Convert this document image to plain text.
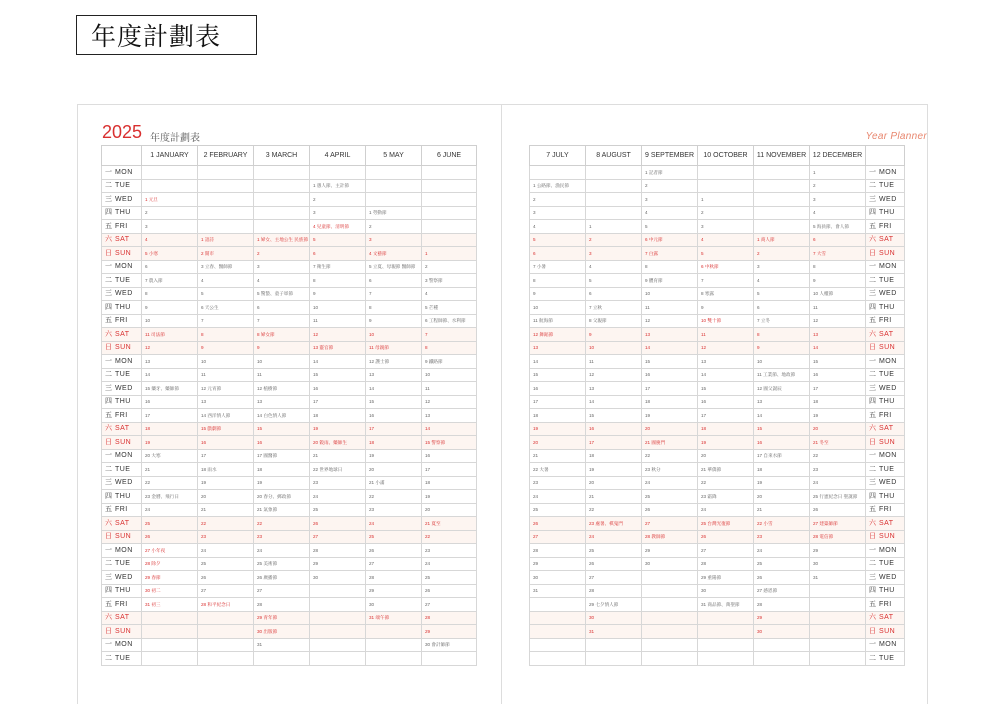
年度計劃表
2025 年度計劃表
	1 JANUARY	2 FEBRUARY	3 MARCH	4 APRIL	5 MAY	6 JUNE
一 MON						
二 TUE				1 愚人節、主計節		
三 WED	1 元旦			2		
四 THU	2			3	1 勞動節	
五 FRI	3			4 兒童節、清明節	2	
六 SAT	4	1 語詩	1 婦女、主地公生 民族節	5	3	
日 SUN	5 小寒	2 開市	2	6	4 文藝節	1
一 MON	6	3 立春、醫師節	3	7 衛生節	5 立夏、母親節 醫師節	2
二 TUE	7 農入節	4	4	8	6	3 警察節
三 WED	8	5	5 驚蟄、童子軍節	9	7	4
四 THU	9	6 天公生	6	10	8	5 芒種
五 FRI	10	7	7	11	9	6 工程師節、水利節
六 SAT	11 司法節	8	8 婦女節	12	10	7
日 SUN	12	9	9	13 靈官節	11 母親節	8
一 MON	13	10	10	14	12 護士節	9 鐵路節
二 TUE	14	11	11	15	13	10
三 WED	15 藥牙、藥師節	12 元宵節	12 植樹節	16	14	11
四 THU	16	13	13	17	15	12
五 FRI	17	14 西洋情人節	14 白色情人節	18	16	13
六 SAT	18	15 戲劇節	15	19	17	14
日 SUN	19	16	16	20 穀雨、藥師生	18	15 警察節
一 MON	20 大寒	17	17 國醫節	21	19	16
二 TUE	21	18 雨水	18	22 世界地球日	20	17
三 WED	22	19	19	23	21 小滿	18
四 THU	23 金曆、飛行日	20	20 春分、郵政節	24	22	19
五 FRI	24	21	21 氣象節	25	23	20
六 SAT	25	22	22	26	24	21 夏至
日 SUN	26	23	23	27	25	22
一 MON	27 小年夜	24	24	28	26	23
二 TUE	28 除夕	25	25 美術節	29	27	24
三 WED	29 春節	26	26 廣播節	30	28	25
四 THU	30 初二	27	27		29	26
五 FRI	31 初三	28 和平紀念日	28		30	27
六 SAT			29 青年節		31 端午節	28
日 SUN			30 出版節			29
一 MON			31			30 會計師節
二 TUE						
Year Planner
7 JULY	8 AUGUST	9 SEPTEMBER	10 OCTOBER	11 NOVEMBER	12 DECEMBER	
		1 記者節			1	一 MON
1 公路節、漁民節		2			2	二 TUE
2		3	1		3	三 WED
3		4	2		4	四 THU
4	1	5	3		5 海員節、會人節	五 FRI
5	2	6 中元節	4	1 商人節	6	六 SAT
6	3	7 白露	5	2	7 大雪	日 SUN
7 小暑	4	8	6 中秋節	3	8	一 MON
8	5	9 體育節	7	4	9	二 TUE
9	6	10	8 寒露	5	10 人權節	三 WED
10	7 立秋	11	9	6	11	四 THU
11 航海節	8 父親節	12	10 雙十節	7 立冬	12	五 FRI
12 舞蹈節	9	13	11	8	13	六 SAT
13	10	14	12	9	14	日 SUN
14	11	15	13	10	15	一 MON
15	12	16	14	11 工業節、地政節	16	二 TUE
16	13	17	15	12 國父誕辰	17	三 WED
17	14	18	16	13	18	四 THU
18	15	19	17	14	19	五 FRI
19	16	20	18	15	20	六 SAT
20	17	21 國慶門	19	16	21 冬至	日 SUN
21	18	22	20	17 自來水節	22	一 MON
22 大暑	19	23 秋分	21 華僑節	18	23	二 TUE
23	20	24	22	19	24	三 WED
24	21	25	23 霜降	20	25 行憲紀念日 聖誕節	四 THU
25	22	26	24	21	26	五 FRI
26	23 處暑、棋鬼門	27	25 台灣光復節	22 小雪	27 建築師節	六 SAT
27	24	28 教師節	26	23	28 電信節	日 SUN
28	25	29	27	24	29	一 MON
29	26	30	28	25	30	二 TUE
30	27		29 重陽節	26	31	三 WED
31	28		30	27 感恩節		四 THU
	29 七夕情人節		31 商品節、萬聖節	28		五 FRI
	30			29		六 SAT
	31			30		日 SUN
						一 MON
						二 TUE
